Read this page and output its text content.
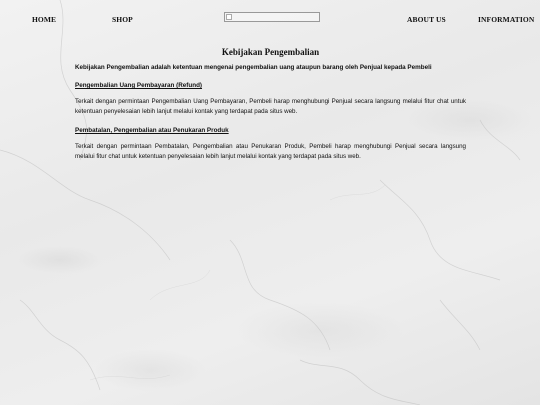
HOME	SHOP	ABOUT US	INFORMATION
Kebijakan Pengembalian

Kebijakan Pengembalian adalah ketentuan mengenai pengembalian uang ataupun barang oleh Penjual kepada Pembeli

Pengembalian Uang Pembayaran (Refund)

Terkait dengan permintaan Pengembalian Uang Pembayaran, Pembeli harap menghubungi Penjual secara langsung melalui fitur chat untuk ketentuan penyelesaian lebih lanjut melalui kontak yang terdapat pada situs web.

Pembatalan, Pengembalian atau Penukaran Produk

Terkait dengan permintaan Pembatalan, Pengembalian atau Penukaran Produk, Pembeli harap menghubungi Penjual secara langsung melalui fitur chat untuk ketentuan penyelesaian lebih lanjut melalui kontak yang terdapat pada situs web.
